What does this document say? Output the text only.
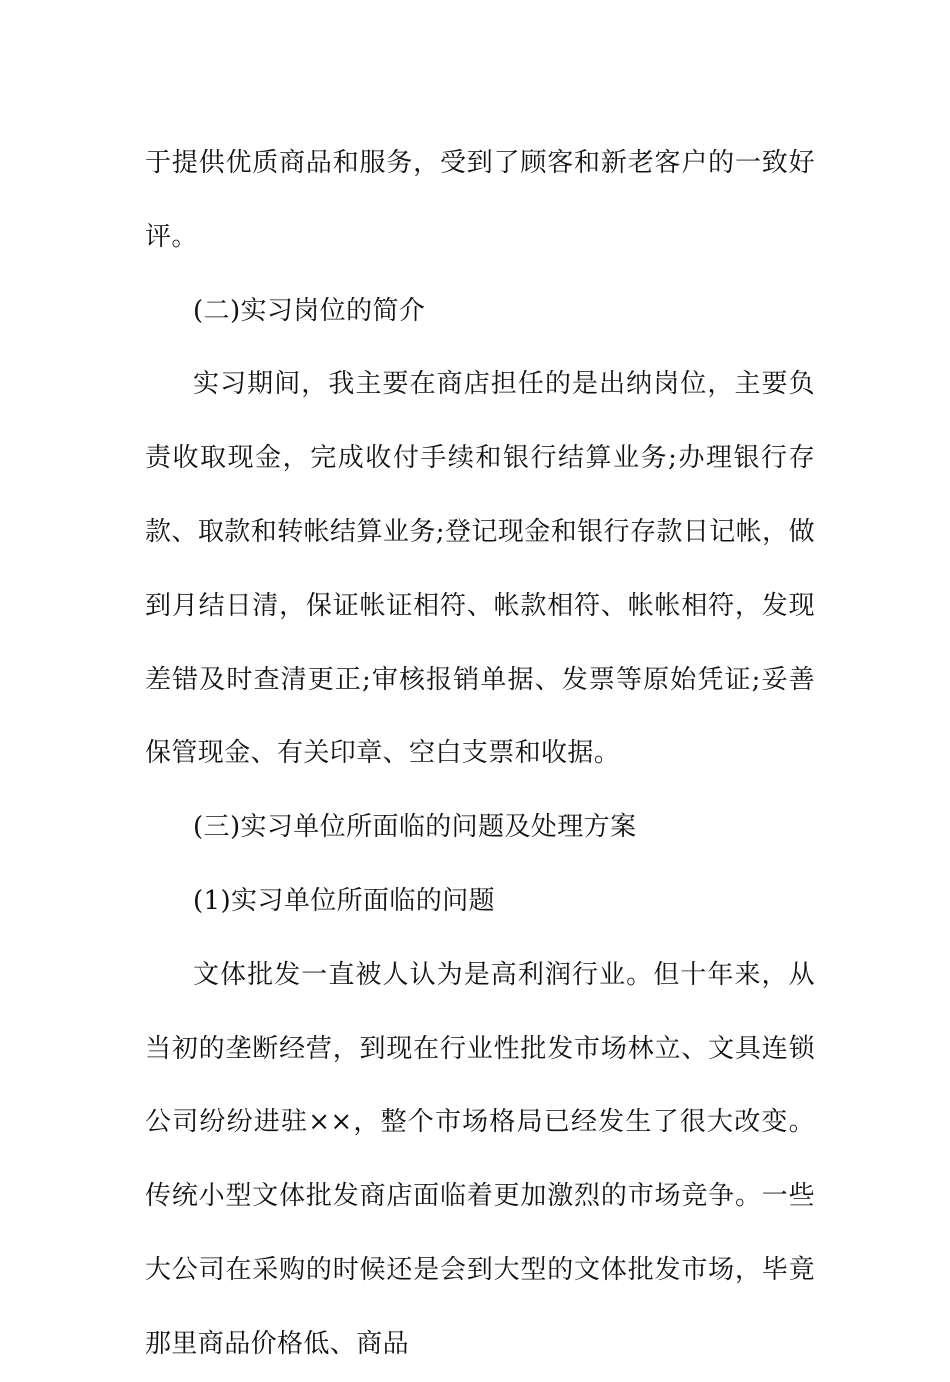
于提供优质商品和服务，受到了顾客和新老客户的一致好评。

(二)实习岗位的简介

实习期间，我主要在商店担任的是出纳岗位，主要负责收取现金，完成收付手续和银行结算业务;办理银行存款、取款和转帐结算业务;登记现金和银行存款日记帐，做到月结日清，保证帐证相符、帐款相符、帐帐相符，发现差错及时查清更正;审核报销单据、发票等原始凭证;妥善保管现金、有关印章、空白支票和收据。

(三)实习单位所面临的问题及处理方案

(1)实习单位所面临的问题

文体批发一直被人认为是高利润行业。但十年来，从当初的垄断经营，到现在行业性批发市场林立、文具连锁公司纷纷进驻××，整个市场格局已经发生了很大改变。传统小型文体批发商店面临着更加激烈的市场竞争。一些大公司在采购的时候还是会到大型的文体批发市场，毕竟那里商品价格低、商品
